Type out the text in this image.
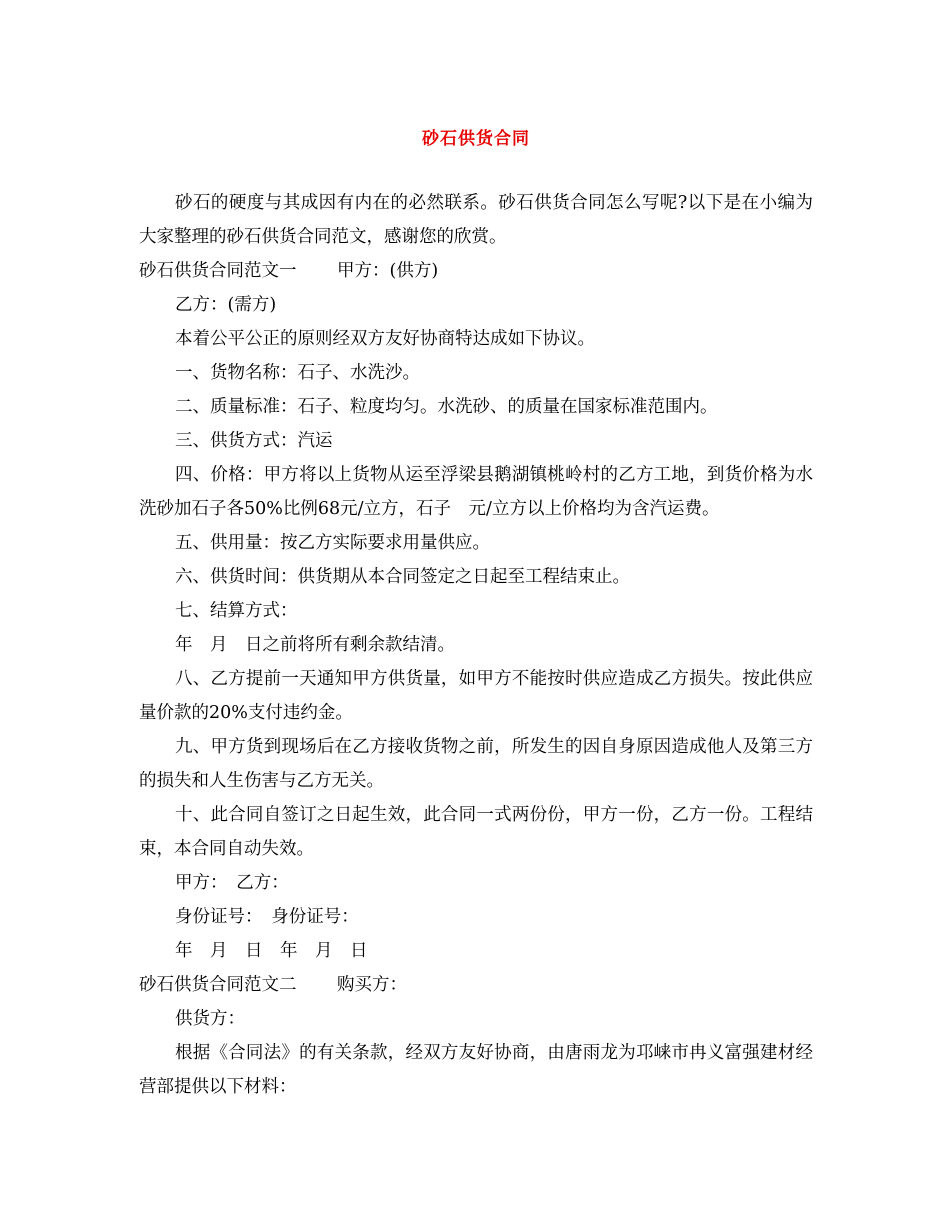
砂石供货合同

砂石的硬度与其成因有内在的必然联系。砂石供货合同怎么写呢?以下是在小编为大家整理的砂石供货合同范文，感谢您的欣赏。

砂石供货合同范文一　　 甲方：(供方)

乙方：(需方)

本着公平公正的原则经双方友好协商特达成如下协议。

一、货物名称：石子、水洗沙。

二、质量标准：石子、粒度均匀。水洗砂、的质量在国家标准范围内。

三、供货方式：汽运

四、价格：甲方将以上货物从运至浮梁县鹅湖镇桃岭村的乙方工地，到货价格为水洗砂加石子各50%比例68元/立方，石子　元/立方以上价格均为含汽运费。

五、供用量：按乙方实际要求用量供应。

六、供货时间：供货期从本合同签定之日起至工程结束止。

七、结算方式：

年　月　日之前将所有剩余款结清。

八、乙方提前一天通知甲方供货量，如甲方不能按时供应造成乙方损失。按此供应量价款的20%支付违约金。

九、甲方货到现场后在乙方接收货物之前，所发生的因自身原因造成他人及第三方的损失和人生伤害与乙方无关。

十、此合同自签订之日起生效，此合同一式两份份，甲方一份，乙方一份。工程结束，本合同自动失效。

甲方：　乙方：

身份证号：　身份证号：

年　月　日　年　月　日

砂石供货合同范文二　　 购买方：

供货方：

根据《合同法》的有关条款，经双方友好协商，由唐雨龙为邛崃市冉义富强建材经营部提供以下材料：
